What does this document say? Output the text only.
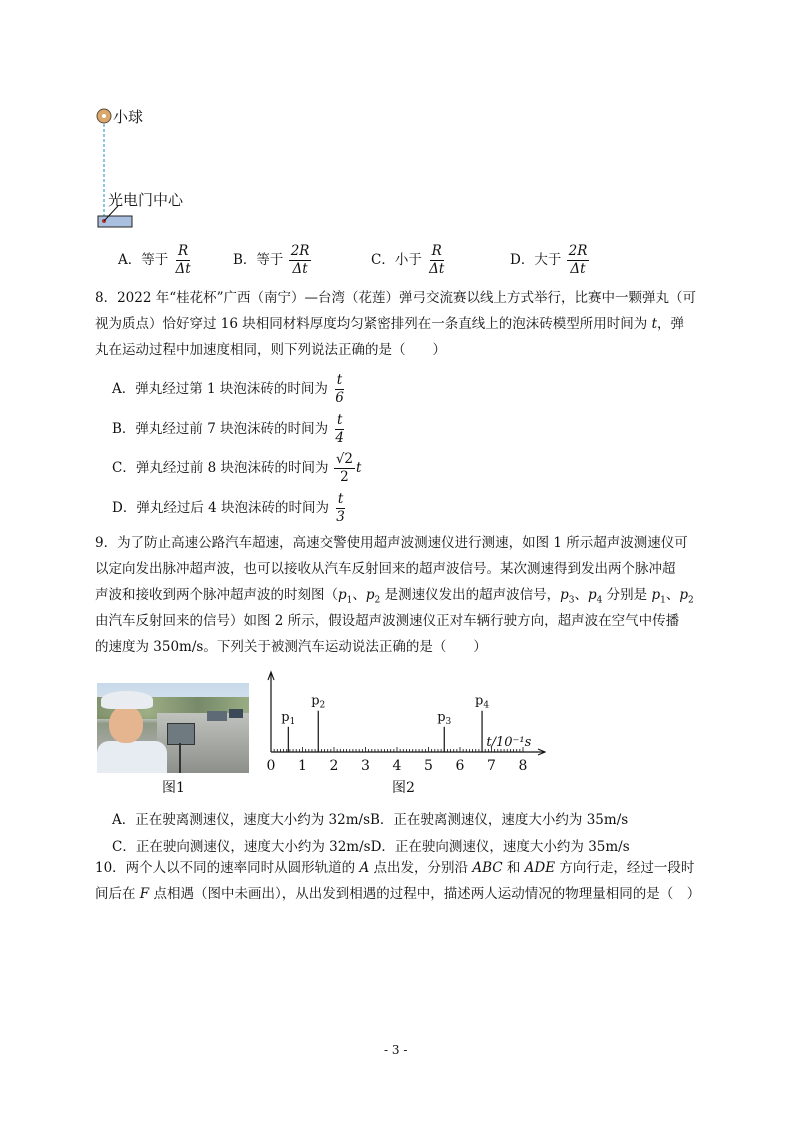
小球
光电门中心
A．等于 $\frac{R}{\Delta t}$	B．等于 $\frac{2R}{\Delta t}$	C．小于 $\frac{R}{\Delta t}$	D．大于 $\frac{2R}{\Delta t}$
8．2022 年“桂花杯”广西（南宁）—台湾（花莲）弹弓交流赛以线上方式举行，比赛中一颗弹丸（可
视为质点）恰好穿过 16 块相同材料厚度均匀紧密排列在一条直线上的泡沫砖模型所用时间为 t，弹
丸在运动过程中加速度相同，则下列说法正确的是（　　）
A．弹丸经过第 1 块泡沫砖的时间为 $\frac{t}{6}$
B．弹丸经过前 7 块泡沫砖的时间为 $\frac{t}{4}$
C．弹丸经过前 8 块泡沫砖的时间为 $\frac{√2}{2}$ t
D．弹丸经过后 4 块泡沫砖的时间为 $\frac{t}{3}$
9．为了防止高速公路汽车超速，高速交警使用超声波测速仪进行测速，如图 1 所示超声波测速仪可
以定向发出脉冲超声波，也可以接收从汽车反射回来的超声波信号。某次测速得到发出两个脉冲超
声波和接收到两个脉冲超声波的时刻图（$p_1$、$p_2$ 是测速仪发出的超声波信号，$p_3$、$p_4$ 分别是 $p_1$、$p_2$
由汽车反射回来的信号）如图 2 所示，假设超声波测速仪正对车辆行驶方向，超声波在空气中传播
的速度为 350m/s。下列关于被测汽车运动说法正确的是（　　）
图1
0 1 2 3 4 5 6 7 8
t/10⁻¹s
$p_1$
$p_2$
$p_3$
$p_4$
图2
A．正在驶离测速仪，速度大小约为 32m/sB．正在驶离测速仪，速度大小约为 35m/s
C．正在驶向测速仪，速度大小约为 32m/sD．正在驶向测速仪，速度大小约为 35m/s
10．两个人以不同的速率同时从圆形轨道的 A 点出发，分别沿 ABC 和 ADE 方向行走，经过一段时
间后在 F 点相遇（图中未画出），从出发到相遇的过程中，描述两人运动情况的物理量相同的是（　）
- 3 -
